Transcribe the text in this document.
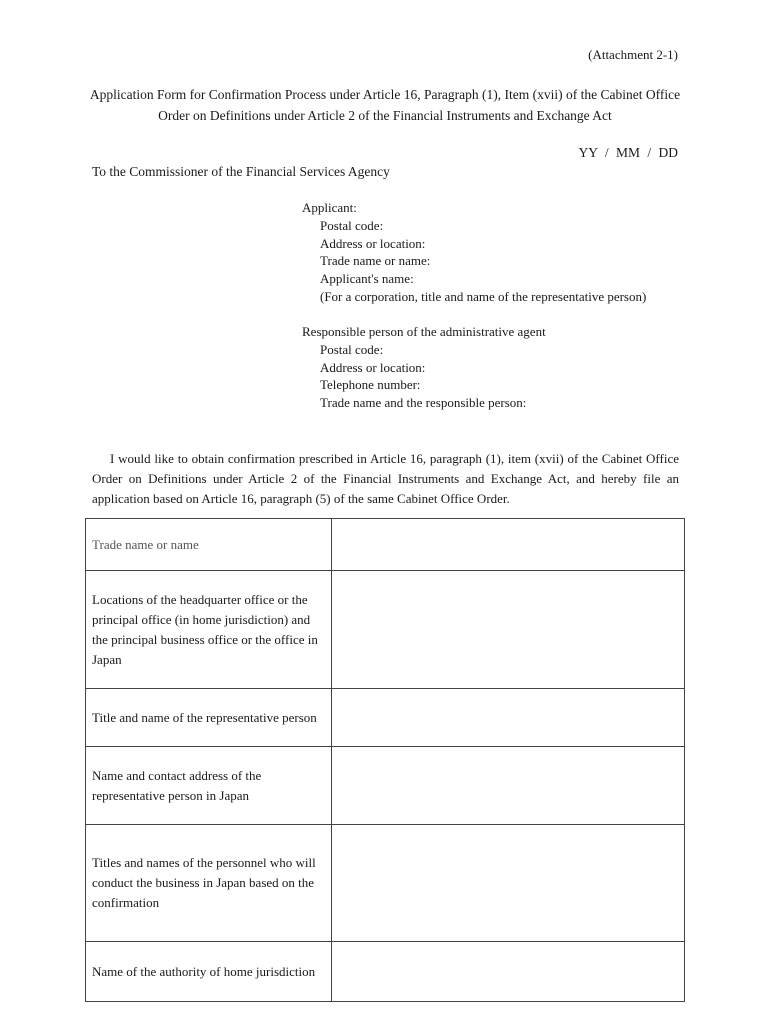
(Attachment 2-1)
Application Form for Confirmation Process under Article 16, Paragraph (1), Item (xvii) of the Cabinet Office
Order on Definitions under Article 2 of the Financial Instruments and Exchange Act
YY / MM / DD
To the Commissioner of the Financial Services Agency
Applicant:
Postal code:
Address or location:
Trade name or name:
Applicant's name:
(For a corporation, title and name of the representative person)
Responsible person of the administrative agent
Postal code:
Address or location:
Telephone number:
Trade name and the responsible person:
I would like to obtain confirmation prescribed in Article 16, paragraph (1), item (xvii) of the Cabinet Office Order on Definitions under Article 2 of the Financial Instruments and Exchange Act, and hereby file an application based on Article 16, paragraph (5) of the same Cabinet Office Order.
Trade name or name	
Locations of the headquarter office or the principal office (in home jurisdiction) and the principal business office or the office in Japan	
Title and name of the representative person	
Name and contact address of the representative person in Japan	
Titles and names of the personnel who will conduct the business in Japan based on the confirmation	
Name of the authority of home jurisdiction	
